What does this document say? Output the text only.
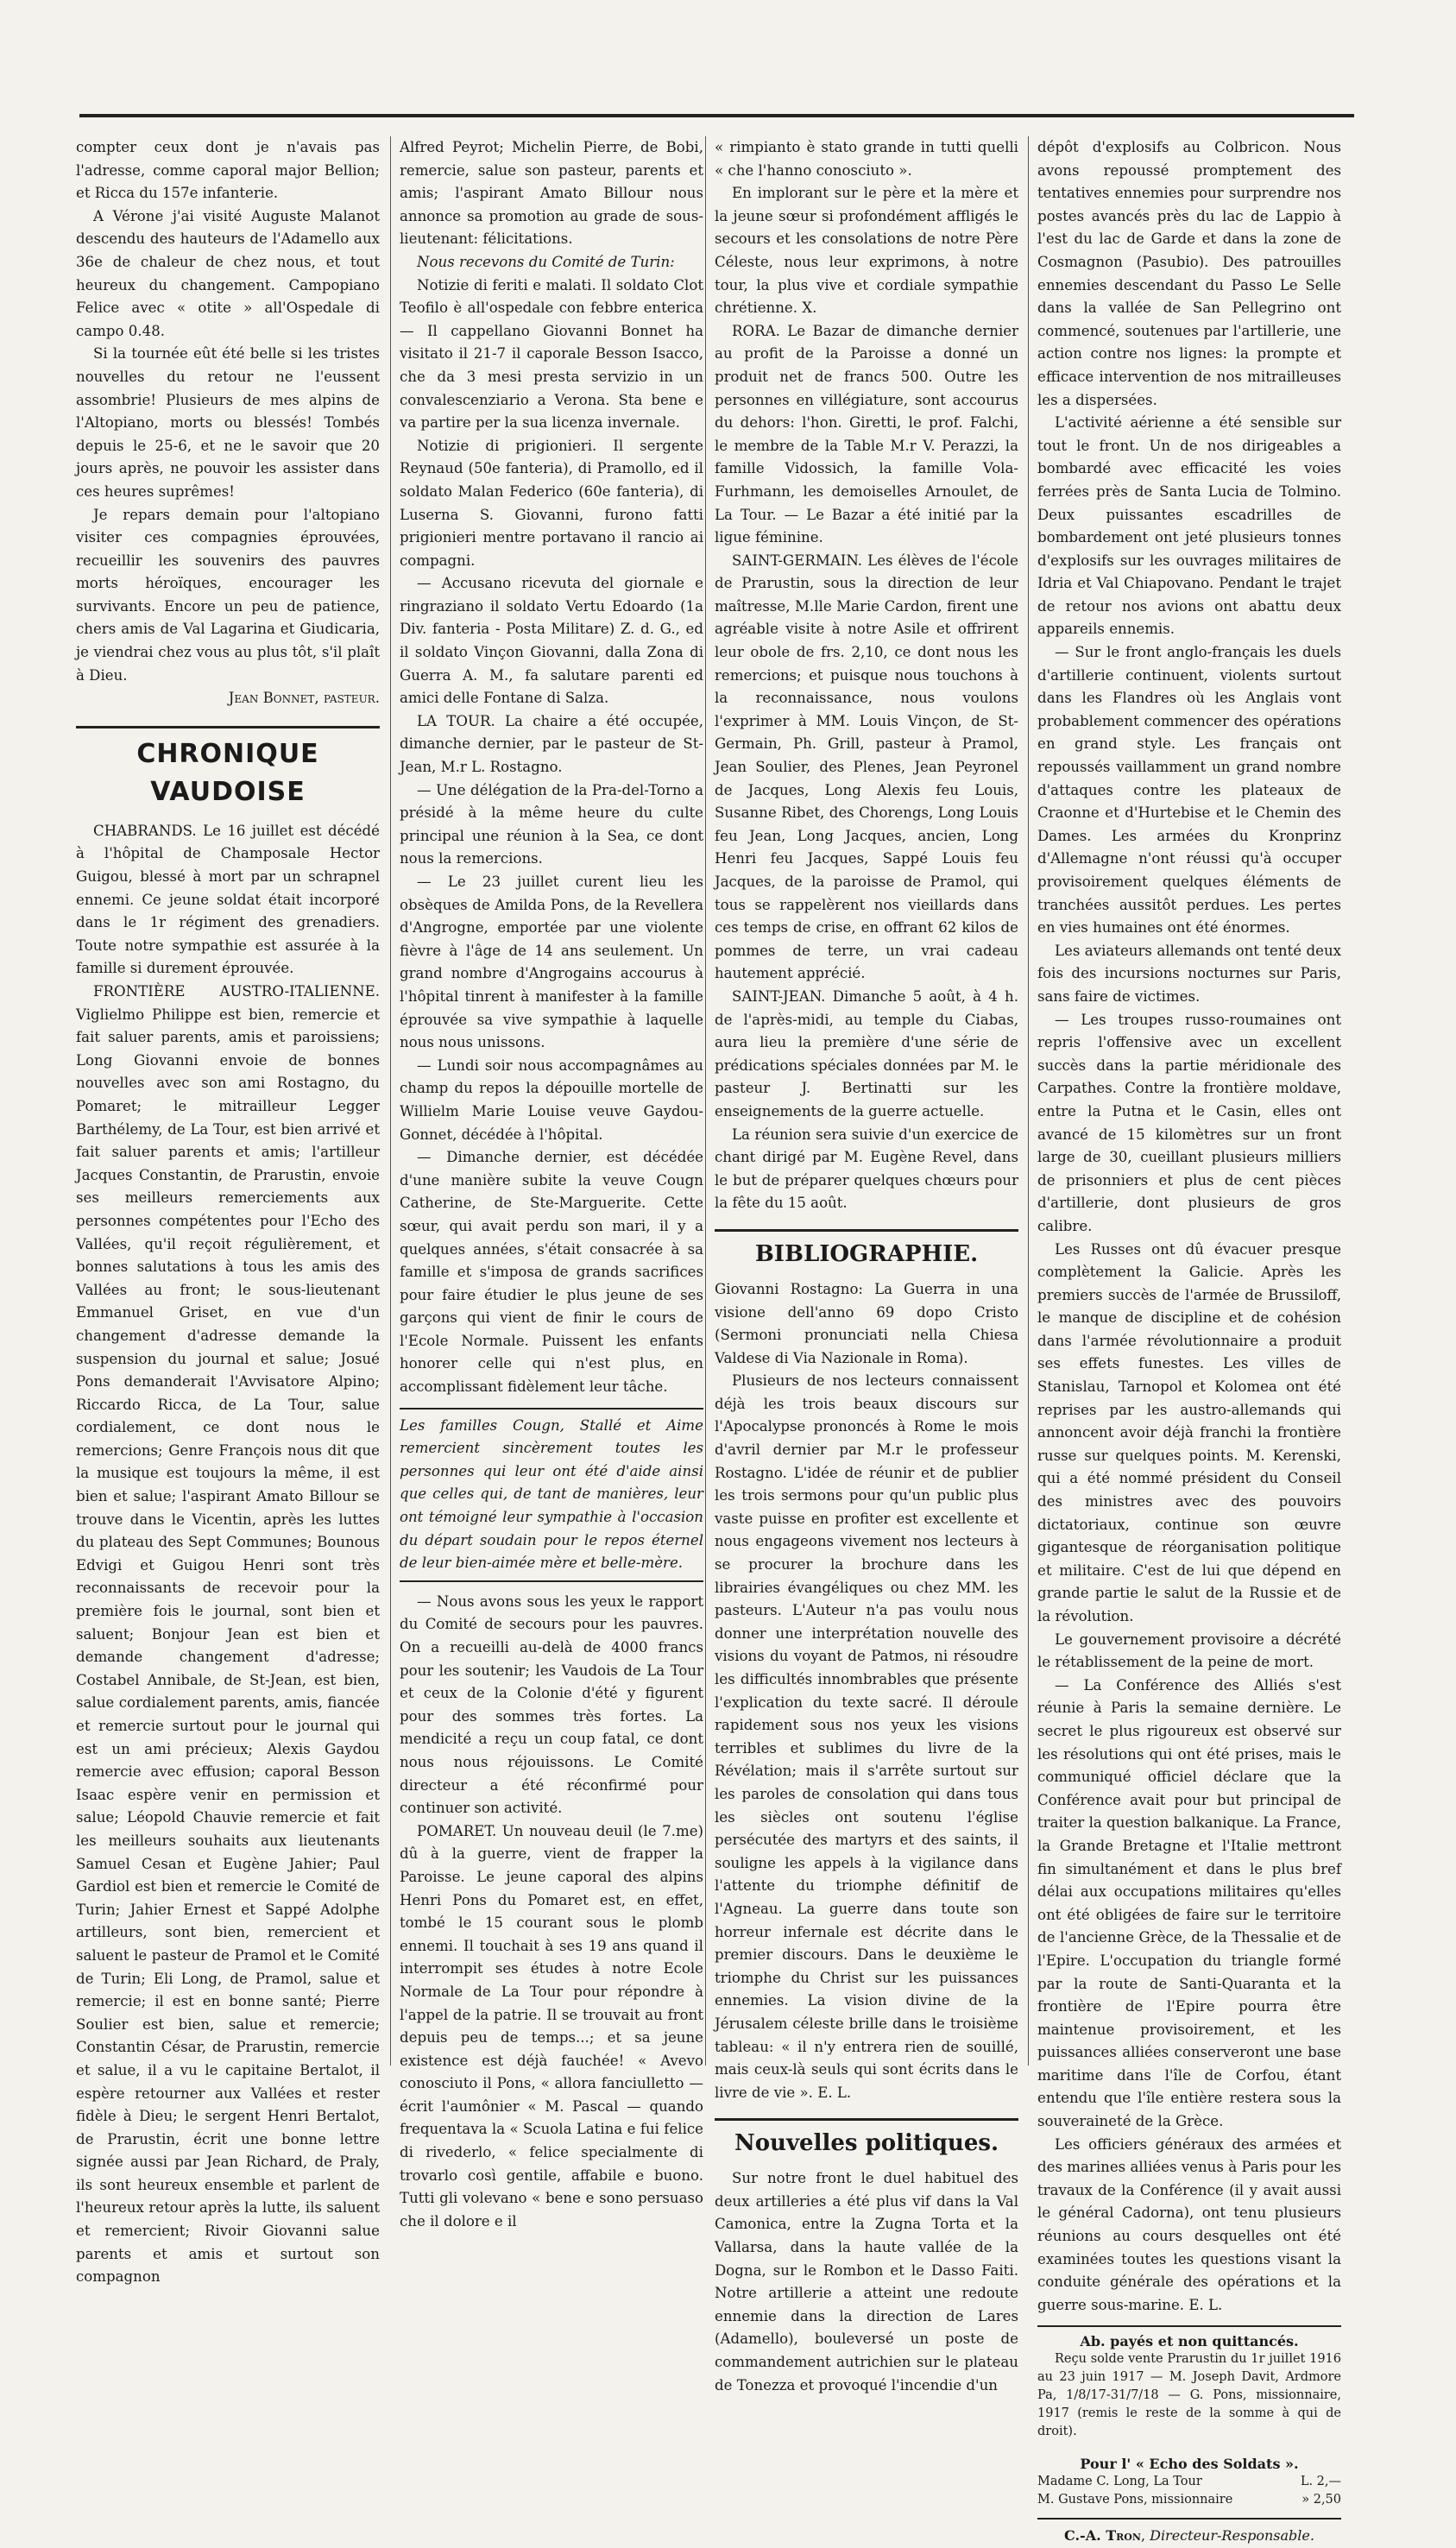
compter ceux dont je n'avais pas l'adresse, comme caporal major Bellion; et Ricca du 157e infanterie.

A Vérone j'ai visité Auguste Malanot descendu des hauteurs de l'Adamello aux 36e de chaleur de chez nous, et tout heureux du changement. Campopiano Felice avec « otite » all'Ospedale di campo 0.48.

Si la tournée eût été belle si les tristes nouvelles du retour ne l'eussent assombrie! Plusieurs de mes alpins de l'Altopiano, morts ou blessés! Tombés depuis le 25-6, et ne le savoir que 20 jours après, ne pouvoir les assister dans ces heures suprêmes!

Je repars demain pour l'altopiano visiter ces compagnies éprouvées, recueillir les souvenirs des pauvres morts héroïques, encourager les survivants. Encore un peu de patience, chers amis de Val Lagarina et Giudicaria, je viendrai chez vous au plus tôt, s'il plaît à Dieu.

Jean Bonnet, pasteur.

CHRONIQUE VAUDOISE

CHABRANDS. Le 16 juillet est décédé à l'hôpital de Champosale Hector Guigou, blessé à mort par un schrapnel ennemi. Ce jeune soldat était incorporé dans le 1r régiment des grenadiers. Toute notre sympathie est assurée à la famille si durement éprouvée.

FRONTIÈRE AUSTRO-ITALIENNE. Viglielmo Philippe est bien, remercie et fait saluer parents, amis et paroissiens; Long Giovanni envoie de bonnes nouvelles avec son ami Rostagno, du Pomaret; le mitrailleur Legger Barthélemy, de La Tour, est bien arrivé et fait saluer parents et amis; l'artilleur Jacques Constantin, de Prarustin, envoie ses meilleurs remerciements aux personnes compétentes pour l'Echo des Vallées, qu'il reçoit régulièrement, et bonnes salutations à tous les amis des Vallées au front; le sous-lieutenant Emmanuel Griset, en vue d'un changement d'adresse demande la suspension du journal et salue; Josué Pons demanderait l'Avvisatore Alpino; Riccardo Ricca, de La Tour, salue cordialement, ce dont nous le remercions; Genre François nous dit que la musique est toujours la même, il est bien et salue; l'aspirant Amato Billour se trouve dans le Vicentin, après les luttes du plateau des Sept Communes; Bounous Edvigi et Guigou Henri sont très reconnaissants de recevoir pour la première fois le journal, sont bien et saluent; Bonjour Jean est bien et demande changement d'adresse; Costabel Annibale, de St-Jean, est bien, salue cordialement parents, amis, fiancée et remercie surtout pour le journal qui est un ami précieux; Alexis Gaydou remercie avec effusion; caporal Besson Isaac espère venir en permission et salue; Léopold Chauvie remercie et fait les meilleurs souhaits aux lieutenants Samuel Cesan et Eugène Jahier; Paul Gardiol est bien et remercie le Comité de Turin; Jahier Ernest et Sappé Adolphe artilleurs, sont bien, remercient et saluent le pasteur de Pramol et le Comité de Turin; Eli Long, de Pramol, salue et remercie; il est en bonne santé; Pierre Soulier est bien, salue et remercie; Constantin César, de Prarustin, remercie et salue, il a vu le capitaine Bertalot, il espère retourner aux Vallées et rester fidèle à Dieu; le sergent Henri Bertalot, de Prarustin, écrit une bonne lettre signée aussi par Jean Richard, de Praly, ils sont heureux ensemble et parlent de l'heureux retour après la lutte, ils saluent et remercient; Rivoir Giovanni salue parents et amis et surtout son compagnon

Alfred Peyrot; Michelin Pierre, de Bobi, remercie, salue son pasteur, parents et amis; l'aspirant Amato Billour nous annonce sa promotion au grade de sous-lieutenant: félicitations.

Nous recevons du Comité de Turin:

Notizie di feriti e malati. Il soldato Clot Teofilo è all'ospedale con febbre enterica — Il cappellano Giovanni Bonnet ha visitato il 21-7 il caporale Besson Isacco, che da 3 mesi presta servizio in un convalescenziario a Verona. Sta bene e va partire per la sua licenza invernale.

Notizie di prigionieri. Il sergente Reynaud (50e fanteria), di Pramollo, ed il soldato Malan Federico (60e fanteria), di Luserna S. Giovanni, furono fatti prigionieri mentre portavano il rancio ai compagni.

— Accusano ricevuta del giornale e ringraziano il soldato Vertu Edoardo (1a Div. fanteria - Posta Militare) Z. d. G., ed il soldato Vinçon Giovanni, dalla Zona di Guerra A. M., fa salutare parenti ed amici delle Fontane di Salza.

LA TOUR. La chaire a été occupée, dimanche dernier, par le pasteur de St-Jean, M.r L. Rostagno.

— Une délégation de la Pra-del-Torno a présidé à la même heure du culte principal une réunion à la Sea, ce dont nous la remercions.

— Le 23 juillet curent lieu les obsèques de Amilda Pons, de la Revellera d'Angrogne, emportée par une violente fièvre à l'âge de 14 ans seulement. Un grand nombre d'Angrogains accourus à l'hôpital tinrent à manifester à la famille éprouvée sa vive sympathie à laquelle nous nous unissons.

— Lundi soir nous accompagnâmes au champ du repos la dépouille mortelle de Willielm Marie Louise veuve Gaydou-Gonnet, décédée à l'hôpital.

— Dimanche dernier, est décédée d'une manière subite la veuve Cougn Catherine, de Ste-Marguerite. Cette sœur, qui avait perdu son mari, il y a quelques années, s'était consacrée à sa famille et s'imposa de grands sacrifices pour faire étudier le plus jeune de ses garçons qui vient de finir le cours de l'Ecole Normale. Puissent les enfants honorer celle qui n'est plus, en accomplissant fidèlement leur tâche.

Les familles Cougn, Stallé et Aime remercient sincèrement toutes les personnes qui leur ont été d'aide ainsi que celles qui, de tant de manières, leur ont témoigné leur sympathie à l'occasion du départ soudain pour le repos éternel de leur bien-aimée mère et belle-mère.

— Nous avons sous les yeux le rapport du Comité de secours pour les pauvres. On a recueilli au-delà de 4000 francs pour les soutenir; les Vaudois de La Tour et ceux de la Colonie d'été y figurent pour des sommes très fortes. La mendicité a reçu un coup fatal, ce dont nous nous réjouissons. Le Comité directeur a été réconfirmé pour continuer son activité.

POMARET. Un nouveau deuil (le 7.me) dû à la guerre, vient de frapper la Paroisse. Le jeune caporal des alpins Henri Pons du Pomaret est, en effet, tombé le 15 courant sous le plomb ennemi. Il touchait à ses 19 ans quand il interrompit ses études à notre Ecole Normale de La Tour pour répondre à l'appel de la patrie. Il se trouvait au front depuis peu de temps...; et sa jeune existence est déjà fauchée! « Avevo conosciuto il Pons, « allora fanciulletto — écrit l'aumônier « M. Pascal — quando frequentava la « Scuola Latina e fui felice di rivederlo, « felice specialmente di trovarlo così gentile, affabile e buono. Tutti gli volevano « bene e sono persuaso che il dolore e il

« rimpianto è stato grande in tutti quelli « che l'hanno conosciuto ».

En implorant sur le père et la mère et la jeune sœur si profondément affligés le secours et les consolations de notre Père Céleste, nous leur exprimons, à notre tour, la plus vive et cordiale sympathie chrétienne. X.

RORA. Le Bazar de dimanche dernier au profit de la Paroisse a donné un produit net de francs 500. Outre les personnes en villégiature, sont accourus du dehors: l'hon. Giretti, le prof. Falchi, le membre de la Table M.r V. Perazzi, la famille Vidossich, la famille Vola-Furhmann, les demoiselles Arnoulet, de La Tour. — Le Bazar a été initié par la ligue féminine.

SAINT-GERMAIN. Les élèves de l'école de Prarustin, sous la direction de leur maîtresse, M.lle Marie Cardon, firent une agréable visite à notre Asile et offrirent leur obole de frs. 2,10, ce dont nous les remercions; et puisque nous touchons à la reconnaissance, nous voulons l'exprimer à MM. Louis Vinçon, de St-Germain, Ph. Grill, pasteur à Pramol, Jean Soulier, des Plenes, Jean Peyronel de Jacques, Long Alexis feu Louis, Susanne Ribet, des Chorengs, Long Louis feu Jean, Long Jacques, ancien, Long Henri feu Jacques, Sappé Louis feu Jacques, de la paroisse de Pramol, qui tous se rappelèrent nos vieillards dans ces temps de crise, en offrant 62 kilos de pommes de terre, un vrai cadeau hautement apprécié.

SAINT-JEAN. Dimanche 5 août, à 4 h. de l'après-midi, au temple du Ciabas, aura lieu la première d'une série de prédications spéciales données par M. le pasteur J. Bertinatti sur les enseignements de la guerre actuelle.

La réunion sera suivie d'un exercice de chant dirigé par M. Eugène Revel, dans le but de préparer quelques chœurs pour la fête du 15 août.

BIBLIOGRAPHIE.

Giovanni Rostagno: La Guerra in una visione dell'anno 69 dopo Cristo (Sermoni pronunciati nella Chiesa Valdese di Via Nazionale in Roma).

Plusieurs de nos lecteurs connaissent déjà les trois beaux discours sur l'Apocalypse prononcés à Rome le mois d'avril dernier par M.r le professeur Rostagno. L'idée de réunir et de publier les trois sermons pour qu'un public plus vaste puisse en profiter est excellente et nous engageons vivement nos lecteurs à se procurer la brochure dans les librairies évangéliques ou chez MM. les pasteurs. L'Auteur n'a pas voulu nous donner une interprétation nouvelle des visions du voyant de Patmos, ni résoudre les difficultés innombrables que présente l'explication du texte sacré. Il déroule rapidement sous nos yeux les visions terribles et sublimes du livre de la Révélation; mais il s'arrête surtout sur les paroles de consolation qui dans tous les siècles ont soutenu l'église persécutée des martyrs et des saints, il souligne les appels à la vigilance dans l'attente du triomphe définitif de l'Agneau. La guerre dans toute son horreur infernale est décrite dans le premier discours. Dans le deuxième le triomphe du Christ sur les puissances ennemies. La vision divine de la Jérusalem céleste brille dans le troisième tableau: « il n'y entrera rien de souillé, mais ceux-là seuls qui sont écrits dans le livre de vie ». E. L.

Nouvelles politiques.

Sur notre front le duel habituel des deux artilleries a été plus vif dans la Val Camonica, entre la Zugna Torta et la Vallarsa, dans la haute vallée de la Dogna, sur le Rombon et le Dasso Faiti. Notre artillerie a atteint une redoute ennemie dans la direction de Lares (Adamello), bouleversé un poste de commandement autrichien sur le plateau de Tonezza et provoqué l'incendie d'un

dépôt d'explosifs au Colbricon. Nous avons repoussé promptement des tentatives ennemies pour surprendre nos postes avancés près du lac de Lappio à l'est du lac de Garde et dans la zone de Cosmagnon (Pasubio). Des patrouilles ennemies descendant du Passo Le Selle dans la vallée de San Pellegrino ont commencé, soutenues par l'artillerie, une action contre nos lignes: la prompte et efficace intervention de nos mitrailleuses les a dispersées.

L'activité aérienne a été sensible sur tout le front. Un de nos dirigeables a bombardé avec efficacité les voies ferrées près de Santa Lucia de Tolmino. Deux puissantes escadrilles de bombardement ont jeté plusieurs tonnes d'explosifs sur les ouvrages militaires de Idria et Val Chiapovano. Pendant le trajet de retour nos avions ont abattu deux appareils ennemis.

— Sur le front anglo-français les duels d'artillerie continuent, violents surtout dans les Flandres où les Anglais vont probablement commencer des opérations en grand style. Les français ont repoussés vaillamment un grand nombre d'attaques contre les plateaux de Craonne et d'Hurtebise et le Chemin des Dames. Les armées du Kronprinz d'Allemagne n'ont réussi qu'à occuper provisoirement quelques éléments de tranchées aussitôt perdues. Les pertes en vies humaines ont été énormes.

Les aviateurs allemands ont tenté deux fois des incursions nocturnes sur Paris, sans faire de victimes.

— Les troupes russo-roumaines ont repris l'offensive avec un excellent succès dans la partie méridionale des Carpathes. Contre la frontière moldave, entre la Putna et le Casin, elles ont avancé de 15 kilomètres sur un front large de 30, cueillant plusieurs milliers de prisonniers et plus de cent pièces d'artillerie, dont plusieurs de gros calibre.

Les Russes ont dû évacuer presque complètement la Galicie. Après les premiers succès de l'armée de Brussiloff, le manque de discipline et de cohésion dans l'armée révolutionnaire a produit ses effets funestes. Les villes de Stanislau, Tarnopol et Kolomea ont été reprises par les austro-allemands qui annoncent avoir déjà franchi la frontière russe sur quelques points. M. Kerenski, qui a été nommé président du Conseil des ministres avec des pouvoirs dictatoriaux, continue son œuvre gigantesque de réorganisation politique et militaire. C'est de lui que dépend en grande partie le salut de la Russie et de la révolution.

Le gouvernement provisoire a décrété le rétablissement de la peine de mort.

— La Conférence des Alliés s'est réunie à Paris la semaine dernière. Le secret le plus rigoureux est observé sur les résolutions qui ont été prises, mais le communiqué officiel déclare que la Conférence avait pour but principal de traiter la question balkanique. La France, la Grande Bretagne et l'Italie mettront fin simultanément et dans le plus bref délai aux occupations militaires qu'elles ont été obligées de faire sur le territoire de l'ancienne Grèce, de la Thessalie et de l'Epire. L'occupation du triangle formé par la route de Santi-Quaranta et la frontière de l'Epire pourra être maintenue provisoirement, et les puissances alliées conserveront une base maritime dans l'île de Corfou, étant entendu que l'île entière restera sous la souveraineté de la Grèce.

Les officiers généraux des armées et des marines alliées venus à Paris pour les travaux de la Conférence (il y avait aussi le général Cadorna), ont tenu plusieurs réunions au cours desquelles ont été examinées toutes les questions visant la conduite générale des opérations et la guerre sous-marine. E. L.

Ab. payés et non quittancés.

Reçu solde vente Prarustin du 1r juillet 1916 au 23 juin 1917 — M. Joseph Davit, Ardmore Pa, 1/8/17-31/7/18 — G. Pons, missionnaire, 1917 (remis le reste de la somme à qui de droit).

Pour l' « Echo des Soldats ».
Madame C. Long, La Tour	L. 2,—
M. Gustave Pons, missionnaire	» 2,50
C.-A. Tron, Directeur-Responsable.
